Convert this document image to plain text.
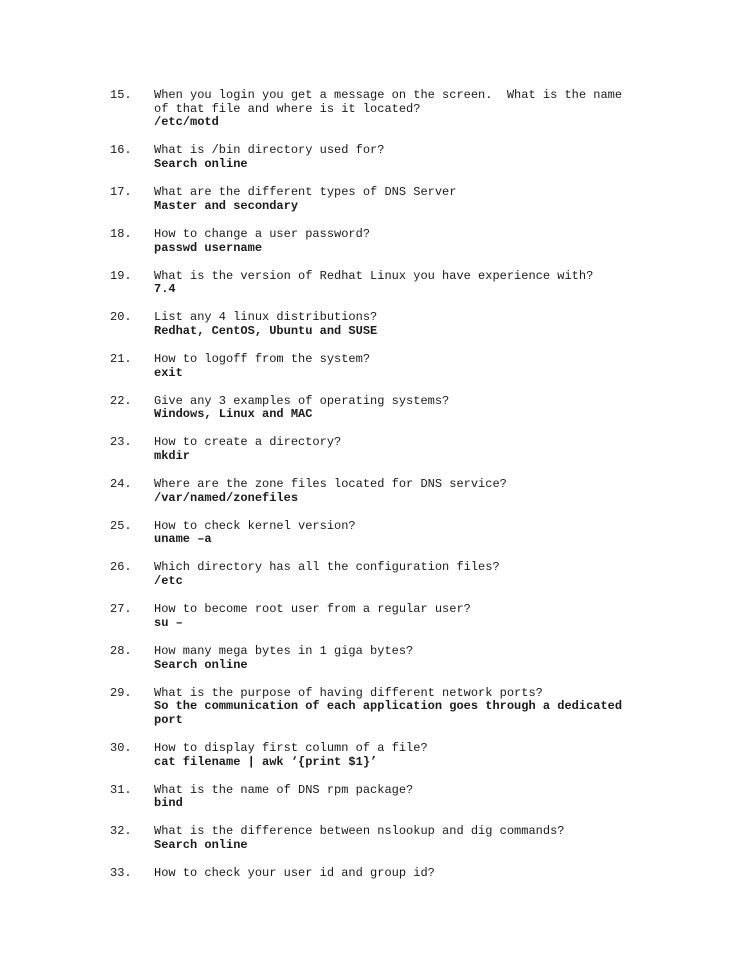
15.	When you login you get a message on the screen.  What is the name
of that file and where is it located?
/etc/motd
16.	What is /bin directory used for?
Search online
17.	What are the different types of DNS Server
Master and secondary
18.	How to change a user password?
passwd username
19.	What is the version of Redhat Linux you have experience with?
7.4
20.	List any 4 linux distributions?
Redhat, CentOS, Ubuntu and SUSE
21.	How to logoff from the system?
exit
22.	Give any 3 examples of operating systems?
Windows, Linux and MAC
23.	How to create a directory?
mkdir
24.	Where are the zone files located for DNS service?
/var/named/zonefiles
25.	How to check kernel version?
uname –a
26.	Which directory has all the configuration files?
/etc
27.	How to become root user from a regular user?
su –
28.	How many mega bytes in 1 giga bytes?
Search online
29.	What is the purpose of having different network ports?
So the communication of each application goes through a dedicated
port
30.	How to display first column of a file?
cat filename | awk ‘{print $1}’
31.	What is the name of DNS rpm package?
bind
32.	What is the difference between nslookup and dig commands?
Search online
33.	How to check your user id and group id?
